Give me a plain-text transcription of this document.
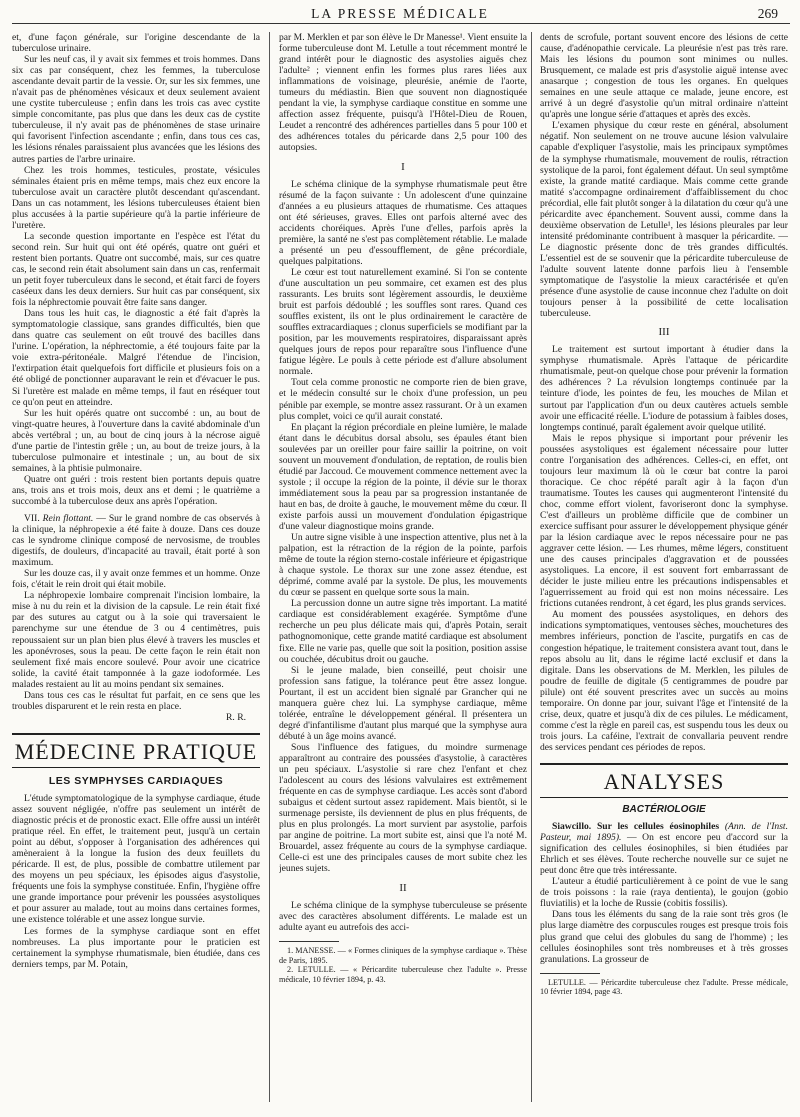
LA PRESSE MÉDICALE	269

et, d'une façon générale, sur l'origine descendante de la tuberculose urinaire.

Sur les neuf cas, il y avait six femmes et trois hommes. Dans six cas par conséquent, chez les femmes, la tuberculose ascendante devait partir de la vessie. Or, sur les six femmes, une n'avait pas de phénomènes vésicaux et deux seulement avaient une cystite tuberculeuse ; enfin dans les trois cas avec cystite simple concomitante, pas plus que dans les deux cas de cystite tuberculeuse, il n'y avait pas de phénomènes de stase urinaire qui favorisent l'infection ascendante ; enfin, dans tous ces cas, les lésions rénales paraissaient plus avancées que les lésions des autres parties de l'arbre urinaire.

Chez les trois hommes, testicules, prostate, vésicules séminales étaient pris en même temps, mais chez eux encore la tuberculose avait un caractère plutôt descendant qu'ascendant. Dans un cas notamment, les lésions tuberculeuses étaient bien plus accusées à la partie supérieure qu'à la partie inférieure de l'uretère.

La seconde question importante en l'espèce est l'état du second rein. Sur huit qui ont été opérés, quatre ont guéri et restent bien portants. Quatre ont succombé, mais, sur ces quatre cas, le second rein était absolument sain dans un cas, renfermait un petit foyer tuberculeux dans le second, et était farci de foyers caséeux dans les deux derniers. Sur huit cas par conséquent, six fois la néphrectomie pouvait être faite sans danger.

Dans tous les huit cas, le diagnostic a été fait d'après la symptomatologie classique, sans grandes difficultés, bien que dans quatre cas seulement on eût trouvé des bacilles dans l'urine. L'opération, la néphrectomie, a été toujours faite par la voie extra-péritonéale. Malgré l'étendue de l'incision, l'extirpation était quelquefois fort difficile et plusieurs fois on a été obligé de ponctionner auparavant le rein et d'évacuer le pus. Si l'uretère est malade en même temps, il faut en réséquer tout ce qu'on peut en atteindre.

Sur les huit opérés quatre ont succombé : un, au bout de vingt-quatre heures, à l'ouverture dans la cavité abdominale d'un abcès vertébral ; un, au bout de cinq jours à la nécrose aiguë d'une partie de l'intestin grêle ; un, au bout de treize jours, à la tuberculose pulmonaire et intestinale ; un, au bout de six semaines, à la phtisie pulmonaire.

Quatre ont guéri : trois restent bien portants depuis quatre ans, trois ans et trois mois, deux ans et demi ; le quatrième a succombé à la tuberculose deux ans après l'opération.

VII. Rein flottant. — Sur le grand nombre de cas observés à la clinique, la néphropexie a été faite à douze. Dans ces douze cas le syndrome clinique composé de nervosisme, de troubles digestifs, de douleurs, d'incapacité au travail, était porté à son maximum.

Sur les douze cas, il y avait onze femmes et un homme. Onze fois, c'était le rein droit qui était mobile.

La néphropexie lombaire comprenait l'incision lombaire, la mise à nu du rein et la division de la capsule. Le rein était fixé par des sutures au catgut ou à la soie qui traversaient le parenchyme sur une étendue de 3 ou 4 centimètres, puis repoussaient sur un plan bien plus élevé à travers les muscles et les aponévroses, sous la peau. De cette façon le rein était non seulement fixé mais encore soulevé. Pour avoir une cicatrice solide, la cavité était tamponnée à la gaze iodoformée. Les malades restaient au lit au moins pendant six semaines.

Dans tous ces cas le résultat fut parfait, en ce sens que les troubles disparurent et le rein resta en place.

R. R.

MÉDECINE PRATIQUE
LES SYMPHYSES CARDIAQUES

L'étude symptomatologique de la symphyse cardiaque, étude assez souvent négligée, n'offre pas seulement un intérêt de diagnostic précis et de pronostic exact. Elle offre aussi un intérêt pratique réel. En effet, le traitement peut, jusqu'à un certain point au début, s'opposer à l'organisation des adhérences qui amèneraient à la longue la fusion des deux feuillets du péricarde. Il est, de plus, possible de combattre utilement par des moyens un peu spéciaux, les épisodes aigus d'asystolie, fréquents une fois la symphyse constituée. Enfin, l'hygiène offre une grande importance pour prévenir les poussées asystoliques et pour assurer au malade, tout au moins dans certaines formes, une existence tolérable et une assez longue survie.

Les formes de la symphyse cardiaque sont en effet nombreuses. La plus importante pour le praticien est certainement la symphyse rhumatismale, bien étudiée, dans ces derniers temps, par M. Potain,

par M. Merklen et par son élève le Dr Manesse¹. Vient ensuite la forme tuberculeuse dont M. Letulle a tout récemment montré le grand intérêt pour le diagnostic des asystolies aiguës chez l'adulte² ; viennent enfin les formes plus rares liées aux inflammations de voisinage, pleurésie, anémie de l'aorte, tumeurs du médiastin. Bien que souvent non diagnostiquée pendant la vie, la symphyse cardiaque constitue en somme une affection assez fréquente, puisqu'à l'Hôtel-Dieu de Rouen, Leudet a rencontré des adhérences partielles dans 5 pour 100 et des adhérences totales du péricarde dans 2,5 pour 100 des autopsies.

I

Le schéma clinique de la symphyse rhumatismale peut être résumé de la façon suivante : Un adolescent d'une quinzaine d'années a eu plusieurs attaques de rhumatisme. Ces attaques ont été sérieuses, graves. Elles ont parfois alterné avec des accidents choréiques. Après l'une d'elles, parfois après la première, la santé ne s'est pas complètement rétablie. Le malade a présenté un peu d'essoufflement, de gêne précordiale, quelques palpitations.

Le cœur est tout naturellement examiné. Si l'on se contente d'une auscultation un peu sommaire, cet examen est des plus rassurants. Les bruits sont légèrement assourdis, le deuxième bruit est parfois dédoublé ; les souffles sont rares. Quand ces souffles existent, ils ont le plus ordinairement le caractère de souffles extracardiaques ; clonus superficiels se modifiant par la position, par les mouvements respiratoires, disparaissant après quelques jours de repos pour reparaître sous l'influence d'une fatigue légère. Le pouls à cette période est d'allure absolument normale.

Tout cela comme pronostic ne comporte rien de bien grave, et le médecin consulté sur le choix d'une profession, un peu pénible par exemple, se montre assez rassurant. Or à un examen plus complet, voici ce qu'il aurait constaté.

En plaçant la région précordiale en pleine lumière, le malade étant dans le décubitus dorsal absolu, ses épaules étant bien soulevées par un oreiller pour faire saillir la poitrine, on voit souvent un mouvement d'ondulation, de reptation, de roulis bien étudié par Jaccoud. Ce mouvement commence nettement avec la systole ; il occupe la région de la pointe, il dévie sur le thorax immédiatement sous la peau par sa progression instantanée de haut en bas, de droite à gauche, le mouvement même du cœur. Il existe parfois aussi un mouvement d'ondulation épigastrique d'une valeur diagnostique moins grande.

Un autre signe visible à une inspection attentive, plus net à la palpation, est la rétraction de la région de la pointe, parfois même de toute la région sterno-costale inférieure et épigastrique à chaque systole. Le thorax sur une zone assez étendue, est déprimé, comme avalé par la systole. De plus, les mouvements du cœur se passent en quelque sorte sous la main.

La percussion donne un autre signe très important. La matité cardiaque est considérablement exagérée. Symptôme d'une recherche un peu plus délicate mais qui, d'après Potain, serait pathognomonique, cette grande matité cardiaque est absolument fixe. Elle ne varie pas, quelle que soit la position, position assise ou couchée, décubitus droit ou gauche.

Si le jeune malade, bien conseillé, peut choisir une profession sans fatigue, la tolérance peut être assez longue. Pourtant, il est un accident bien signalé par Grancher qui ne manquera guère chez lui. La symphyse cardiaque, même tolérée, entraîne le développement général. Il présentera un degré d'infantilisme d'autant plus marqué que la symphyse aura débuté à un âge moins avancé.

Sous l'influence des fatigues, du moindre surmenage apparaîtront au contraire des poussées d'asystolie, à caractères un peu spéciaux. L'asystolie si rare chez l'enfant et chez l'adolescent au cours des lésions valvulaires est extrêmement fréquente en cas de symphyse cardiaque. Les accès sont d'abord subaigus et cèdent surtout assez rapidement. Mais bientôt, si le surmenage persiste, ils deviennent de plus en plus fréquents, de plus en plus prolongés. La mort survient par asystolie, parfois par angine de poitrine. La mort subite est, ainsi que l'a noté M. Brouardel, assez fréquente au cours de la symphyse cardiaque. Celle-ci est une des principales causes de mort subite chez les jeunes sujets.

II

Le schéma clinique de la symphyse tuberculeuse se présente avec des caractères absolument différents. Le malade est un adulte ayant eu autrefois des acci-

1. MANESSE. — « Formes cliniques de la symphyse cardiaque ». Thèse de Paris, 1895.

2. LETULLE. — « Péricardite tuberculeuse chez l'adulte ». Presse médicale, 10 février 1894, p. 43.

dents de scrofule, portant souvent encore des lésions de cette cause, d'adénopathie cervicale. La pleurésie n'est pas très rare. Mais les lésions du poumon sont minimes ou nulles. Brusquement, ce malade est pris d'asystolie aiguë intense avec anasarque ; congestion de tous les organes. En quelques semaines en une seule attaque ce malade, jeune encore, est arrivé à un degré d'asystolie qu'un mitral ordinaire n'atteint qu'après une longue série d'attaques et après des excès.

L'examen physique du cœur reste en général, absolument négatif. Non seulement on ne trouve aucune lésion valvulaire capable d'expliquer l'asystolie, mais les principaux symptômes de la symphyse rhumatismale, mouvement de roulis, rétraction systolique de la paroi, font également défaut. Un seul symptôme existe, la grande matité cardiaque. Mais comme cette grande matité s'accompagne ordinairement d'affaiblissement du choc précordial, elle fait plutôt songer à la dilatation du cœur qu'à une péricardite avec épanchement. Souvent aussi, comme dans la deuxième observation de Letulle¹, les lésions pleurales par leur intensité prédominante contribuent à masquer la péricardite. — Le diagnostic présente donc de très grandes difficultés. L'essentiel est de se souvenir que la péricardite tuberculeuse de l'adulte souvent latente donne parfois lieu à l'ensemble symptomatique de l'asystolie la mieux caractérisée et qu'en présence d'une asystolie de cause inconnue chez l'adulte on doit toujours penser à la possibilité de cette localisation tuberculeuse.

III

Le traitement est surtout important à étudier dans la symphyse rhumatismale. Après l'attaque de péricardite rhumatismale, peut-on quelque chose pour prévenir la formation des adhérences ? La révulsion longtemps continuée par la teinture d'iode, les pointes de feu, les mouches de Milan et surtout par l'application d'un ou deux cautères actuels semble avoir une efficacité réelle. L'iodure de potassium à faibles doses, longtemps continué, paraît également avoir quelque utilité.

Mais le repos physique si important pour prévenir les poussées asystoliques est également nécessaire pour lutter contre l'organisation des adhérences. Celles-ci, en effet, ont toujours leur maximum là où le cœur bat contre la paroi thoracique. Ce choc répété paraît agir à la façon d'un traumatisme. Toutes les causes qui augmenteront l'intensité du choc, comme effort violent, favoriseront donc la symphyse. C'est d'ailleurs un problème difficile que de combiner un exercice suffisant pour assurer le développement physique génér par la lésion cardiaque avec le repos nécessaire pour ne pas aggraver cette lésion. — Les rhumes, même légers, constituent une des causes principales d'aggravation et de poussées asystoliques. La encore, il est souvent fort embarrassant de décider le juste milieu entre les précautions indispensables et l'aguerrissement au froid qui est non moins nécessaire. Les frictions cutanées rendront, à cet égard, les plus grands services.

Au moment des poussées asystoliques, en dehors des indications symptomatiques, ventouses sèches, mouchetures des membres inférieurs, ponction de l'ascite, purgatifs en cas de congestion hépatique, le traitement consistera avant tout, dans le repos absolu au lit, dans le régime lacté exclusif et dans la digitale. Dans les observations de M. Merklen, les pilules de poudre de feuille de digitale (5 centigrammes de poudre par pilule) ont été souvent prescrites avec un succès au moins temporaire. On donne par jour, suivant l'âge et l'intensité de la crise, deux, quatre et jusqu'à dix de ces pilules. Le médicament, comme c'est la règle en pareil cas, est suspendu tous les deux ou trois jours. La caféine, l'extrait de convallaria peuvent rendre des services pendant ces périodes de repos.

ANALYSES
BACTÉRIOLOGIE

Siawcillo. Sur les cellules éosinophiles (Ann. de l'Inst. Pasteur, mai 1895). — On est encore peu d'accord sur la signification des cellules éosinophiles, si bien étudiées par Ehrlich et ses élèves. Toute recherche nouvelle sur ce sujet ne peut donc être que très intéressante.

L'auteur a étudié particulièrement à ce point de vue le sang de trois poissons : la raie (raya dentienta), le goujon (gobio fluviatilis) et la loche de Russie (cobitis fossilis).

Dans tous les éléments du sang de la raie sont très gros (le plus large diamètre des corpuscules rouges est presque trois fois plus grand que celui des globules du sang de l'homme) ; les cellules éosinophiles sont très nombreuses et à très grosses granulations. La grosseur de

LETULLE. — Péricardite tuberculeuse chez l'adulte. Presse médicale, 10 février 1894, page 43.
